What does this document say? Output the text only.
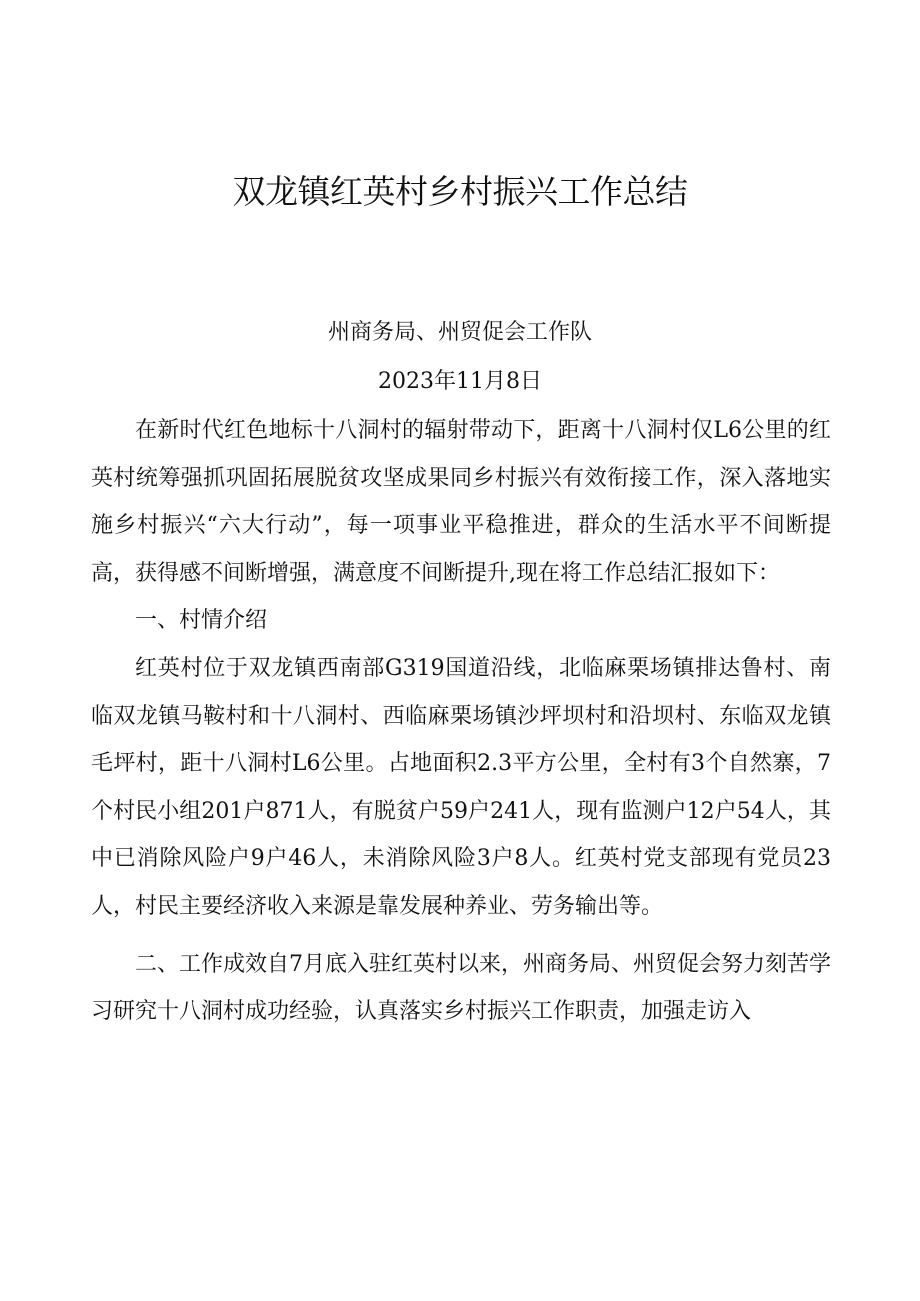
双龙镇红英村乡村振兴工作总结
州商务局、州贸促会工作队
2023年11月8日

在新时代红色地标十八洞村的辐射带动下，距离十八洞村仅L6公里的红英村统筹强抓巩固拓展脱贫攻坚成果同乡村振兴有效衔接工作，深入落地实施乡村振兴“六大行动”，每一项事业平稳推进，群众的生活水平不间断提高，获得感不间断增强，满意度不间断提升,现在将工作总结汇报如下：

一、村情介绍

红英村位于双龙镇西南部G319国道沿线，北临麻栗场镇排达鲁村、南临双龙镇马鞍村和十八洞村、西临麻栗场镇沙坪坝村和沿坝村、东临双龙镇毛坪村，距十八洞村L6公里。占地面积2.3平方公里，全村有3个自然寨，7个村民小组201户871人，有脱贫户59户241人，现有监测户12户54人，其中已消除风险户9户46人，未消除风险3户8人。红英村党支部现有党员23人，村民主要经济收入来源是靠发展种养业、劳务输出等。

二、工作成效自7月底入驻红英村以来，州商务局、州贸促会努力刻苦学习研究十八洞村成功经验，认真落实乡村振兴工作职责，加强走访入
